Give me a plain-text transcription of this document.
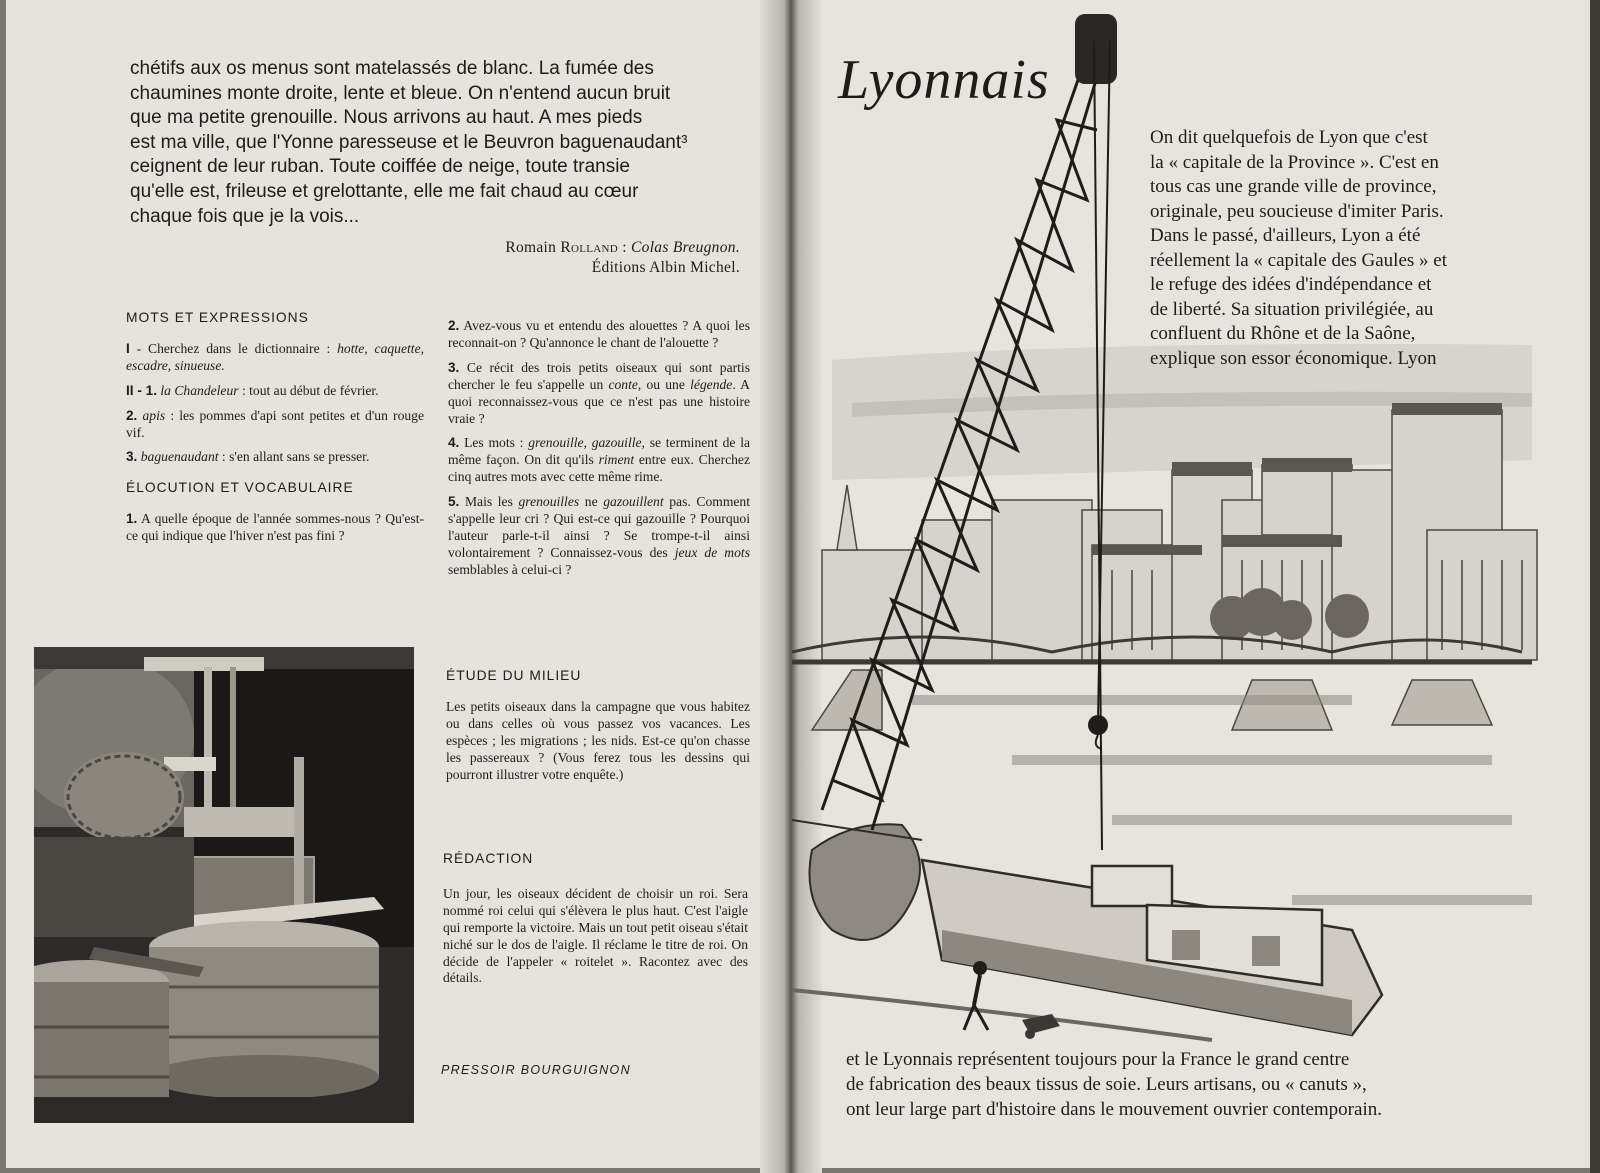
chétifs aux os menus sont matelassés de blanc. La fumée des
chaumines monte droite, lente et bleue. On n'entend aucun bruit
que ma petite grenouille. Nous arrivons au haut. A mes pieds
est ma ville, que l'Yonne paresseuse et le Beuvron baguenaudant³
ceignent de leur ruban. Toute coiffée de neige, toute transie
qu'elle est, frileuse et grelottante, elle me fait chaud au cœur
chaque fois que je la vois...
Romain Rolland : Colas Breugnon.
Éditions Albin Michel.

MOTS ET EXPRESSIONS

I - Cherchez dans le dictionnaire : hotte, caquette, escadre, sinueuse.

II - 1. la Chandeleur : tout au début de février.

2. apis : les pommes d'api sont petites et d'un rouge vif.

3. baguenaudant : s'en allant sans se presser.

ÉLOCUTION ET VOCABULAIRE

1. A quelle époque de l'année sommes-nous ? Qu'est-ce qui indique que l'hiver n'est pas fini ?

2. Avez-vous vu et entendu des alouettes ? A quoi les reconnait-on ? Qu'annonce le chant de l'alouette ?

3. Ce récit des trois petits oiseaux qui sont partis chercher le feu s'appelle un conte, ou une légende. A quoi reconnaissez-vous que ce n'est pas une histoire vraie ?

4. Les mots : grenouille, gazouille, se terminent de la même façon. On dit qu'ils riment entre eux. Cherchez cinq autres mots avec cette même rime.

5. Mais les grenouilles ne gazouillent pas. Comment s'appelle leur cri ? Qui est-ce qui gazouille ? Pourquoi l'auteur parle-t-il ainsi ? Se trompe-t-il ainsi volontairement ? Connaissez-vous des jeux de mots semblables à celui-ci ?

ÉTUDE DU MILIEU

Les petits oiseaux dans la campagne que vous habitez ou dans celles où vous passez vos vacances. Les espèces ; les migrations ; les nids. Est-ce qu'on chasse les passereaux ? (Vous ferez tous les dessins qui pourront illustrer votre enquête.)

RÉDACTION

Un jour, les oiseaux décident de choisir un roi. Sera nommé roi celui qui s'élèvera le plus haut. C'est l'aigle qui remporte la victoire. Mais un tout petit oiseau s'était niché sur le dos de l'aigle. Il réclame le titre de roi. On décide de l'appeler « roitelet ». Racontez avec des détails.

PRESSOIR BOURGUIGNON
Lyonnais
On dit quelquefois de Lyon que c'est
la « capitale de la Province ». C'est en
tous cas une grande ville de province,
originale, peu soucieuse d'imiter Paris.
Dans le passé, d'ailleurs, Lyon a été
réellement la « capitale des Gaules » et
le refuge des idées d'indépendance et
de liberté. Sa situation privilégiée, au
confluent du Rhône et de la Saône,
explique son essor économique. Lyon
et le Lyonnais représentent toujours pour la France le grand centre
de fabrication des beaux tissus de soie. Leurs artisans, ou « canuts »,
ont leur large part d'histoire dans le mouvement ouvrier contemporain.
